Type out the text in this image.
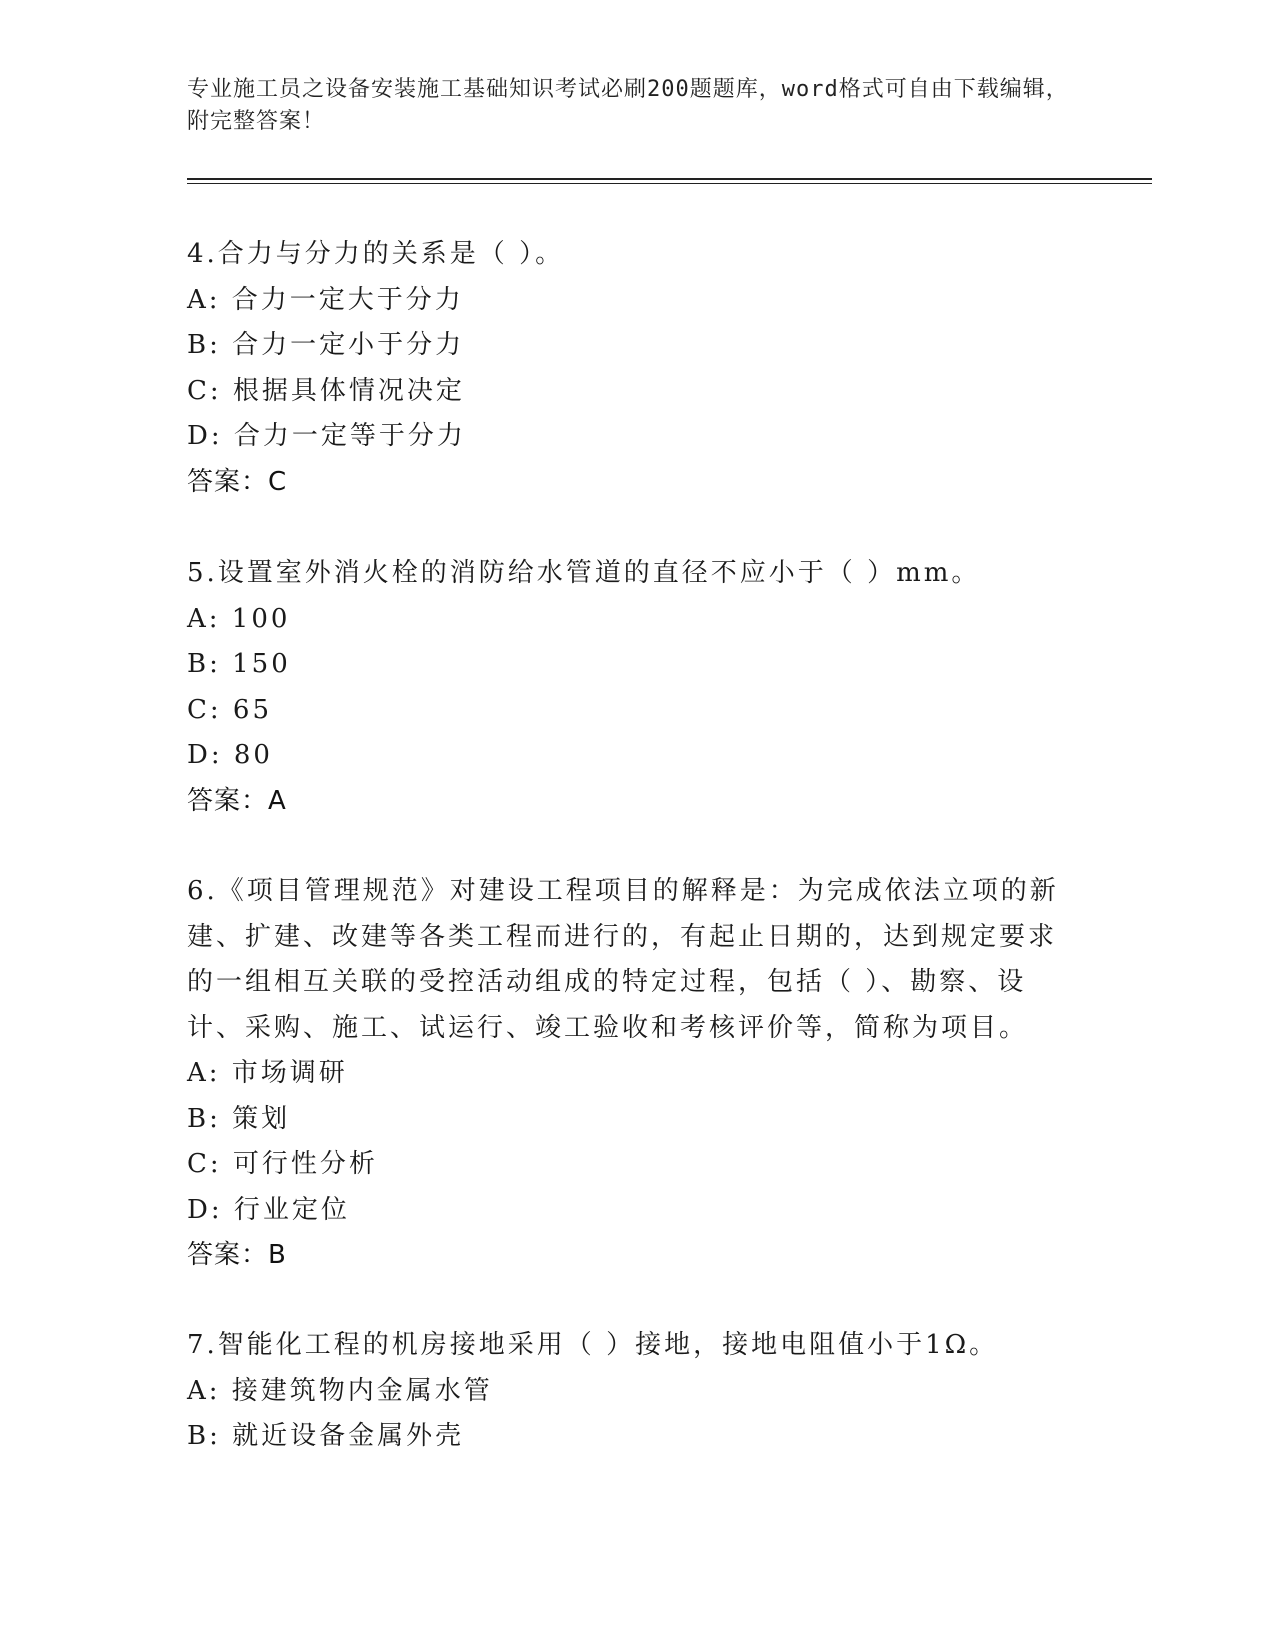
专业施工员之设备安装施工基础知识考试必刷200题题库，word格式可自由下载编辑，附完整答案！
4.合力与分力的关系是（ ）。
A: 合力一定大于分力
B: 合力一定小于分力
C: 根据具体情况决定
D: 合力一定等于分力
答案：C
5.设置室外消火栓的消防给水管道的直径不应小于（ ）mm。
A: 100
B: 150
C: 65
D: 80
答案：A
6.《项目管理规范》对建设工程项目的解释是：为完成依法立项的新建、扩建、改建等各类工程而进行的，有起止日期的，达到规定要求的一组相互关联的受控活动组成的特定过程，包括（ ）、勘察、设计、采购、施工、试运行、竣工验收和考核评价等，简称为项目。
A: 市场调研
B: 策划
C: 可行性分析
D: 行业定位
答案：B
7.智能化工程的机房接地采用（ ）接地，接地电阻值小于1Ω。
A: 接建筑物内金属水管
B: 就近设备金属外壳
